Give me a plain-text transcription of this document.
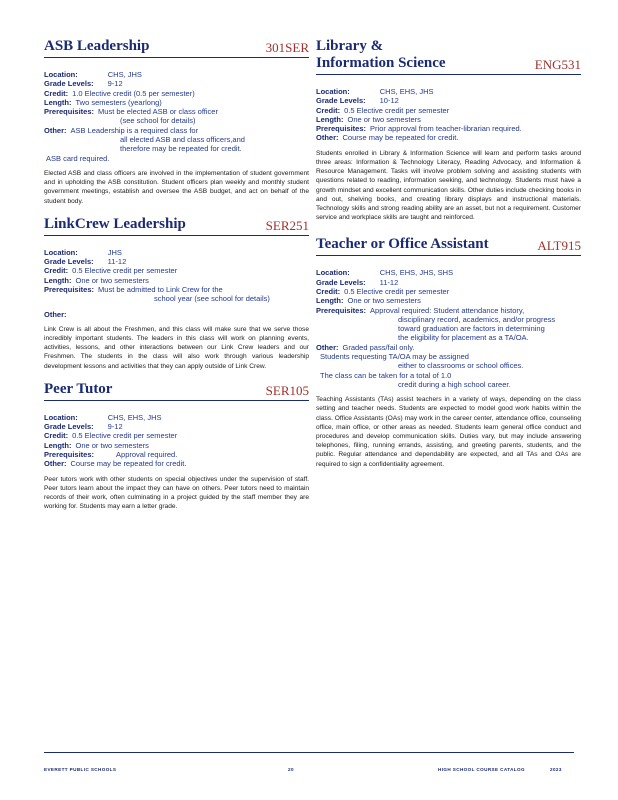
ASB Leadership	301SER
Location:	CHS, JHS
Grade Levels: 9-12
Credit: 1.0 Elective credit (0.5 per semester)
Length: Two semesters (yearlong)
Prerequisites: Must be elected ASB or class officer
(see school for details)
Other: ASB Leadership is a required class for
all elected ASB and class officers,and
therefore may be repeated for credit.
ASB card required.
Elected ASB and class officers are involved in the implementation of student government and in upholding the ASB constitution. Student officers plan weekly and monthly student government meetings, establish and oversee the ASB budget, and act on behalf of the student body.
LinkCrew Leadership	SER251
Location:	JHS
Grade Levels: 11-12
Credit: 0.5 Elective credit per semester
Length: One or two semesters
Prerequisites: Must be admitted to Link Crew for the
school year (see school for details)
Other:
Link Crew is all about the Freshmen, and this class will make sure that we serve those incredibly important students. The leaders in this class will work on planning events, activities, lessons, and other interactions between our Link Crew leaders and our Freshmen. The students in the class will also work through various leadership development lessons and activities that they can apply outside of Link Crew.
Peer Tutor	SER105
Location:	CHS, EHS, JHS
Grade Levels: 9-12
Credit: 0.5 Elective credit per semester
Length: One or two semesters
Prerequisites:	Approval required.
Other: Course may be repeated for credit.
Peer tutors work with other students on special objectives under the supervision of staff. Peer tutors learn about the impact they can have on others. Peer tutors need to maintain records of their work, often culminating in a project guided by the staff member they are working for. Students may earn a letter grade.
Library &
Information Science	ENG531
Location:	CHS, EHS, JHS
Grade Levels: 10-12
Credit: 0.5 Elective credit per semester
Length: One or two semesters
Prerequisites: Prior approval from teacher-librarian required.
Other: Course may be repeated for credit.
Students enrolled in Library & Information Science will learn and perform tasks around three areas: Information & Technology Literacy, Reading Advocacy, and Information & Resource Management. Tasks will involve problem solving and assisting students with questions related to reading, information seeking, and technology. Students must have a growth mindset and excellent communication skills. Other duties include checking books in and out, shelving books, and creating library displays and instructional materials. Technology skills and strong reading ability are an asset, but not a requirement. Customer service and workplace skills are taught and reinforced.
Teacher or Office Assistant	ALT915
Location:	CHS, EHS, JHS, SHS
Grade Levels: 11-12
Credit: 0.5 Elective credit per semester
Length: One or two semesters
Prerequisites: Approval required: Student attendance history,
disciplinary record, academics, and/or progress
toward graduation are factors in determining
the eligibility for placement as a TA/OA.
Other: Graded pass/fail only.
Students requesting TA/OA may be assigned
either to classrooms or school offices.
The class can be taken for a total of 1.0
credit during a high school career.
Teaching Assistants (TAs) assist teachers in a variety of ways, depending on the class setting and teacher needs. Students are expected to model good work habits within the class. Office Assistants (OAs) may work in the career center, attendance office, counseling office, main office, or other areas as needed. Students learn general office conduct and procedures and develop communication skills. Duties vary, but may include answering telephones, filing, running errands, assisting, and greeting parents, students, and the public. Regular attendance and dependability are expected, and all TAs and OAs are required to sign a confidentiality agreement.
EVERETT PUBLIC SCHOOLS	20	HIGH SCHOOL COURSE CATALOG	2023
